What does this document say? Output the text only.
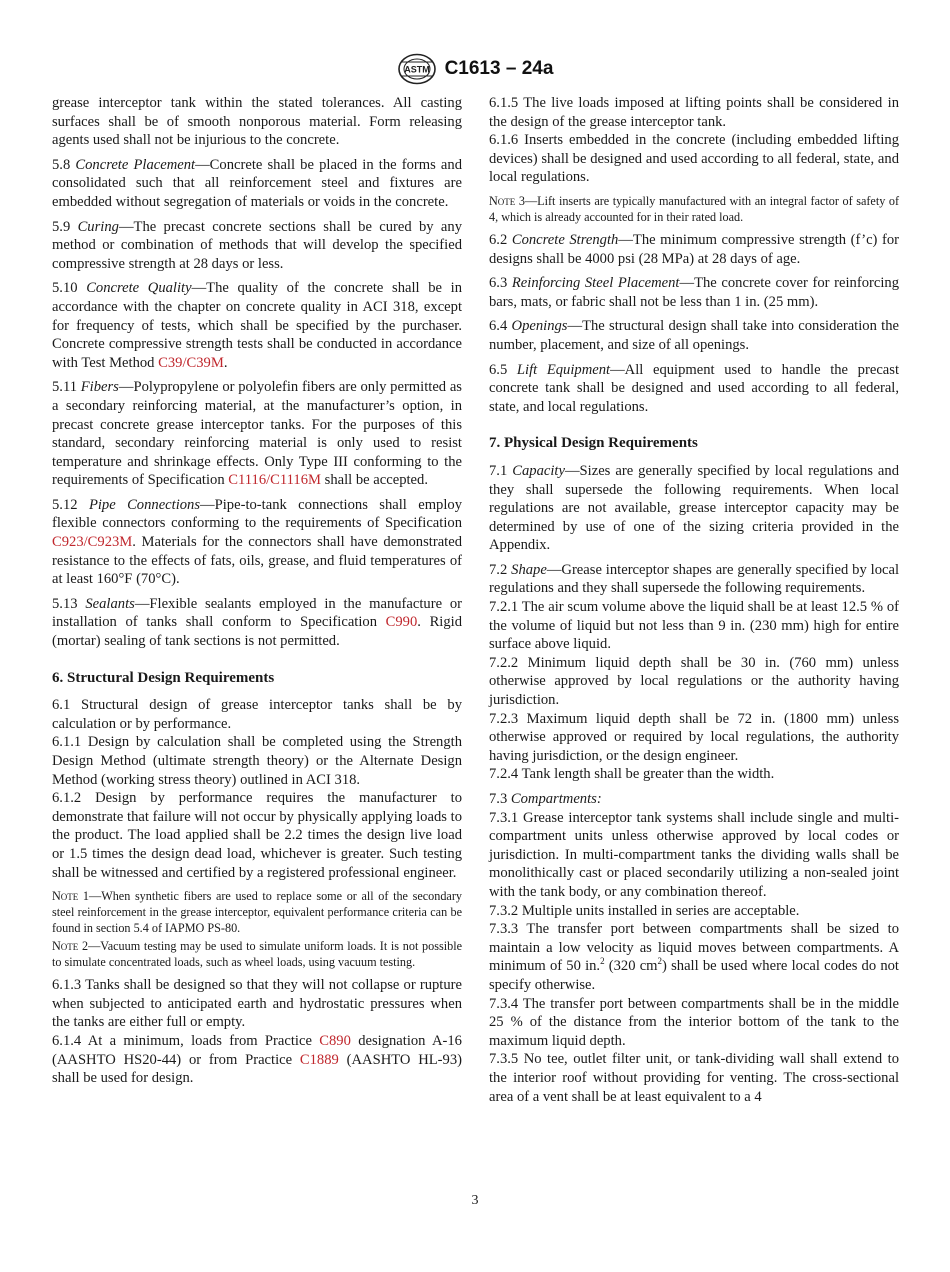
ASTM C1613 – 24a

grease interceptor tank within the stated tolerances. All casting surfaces shall be of smooth nonporous material. Form releasing agents used shall not be injurious to the concrete.

5.8 Concrete Placement—Concrete shall be placed in the forms and consolidated such that all reinforcement steel and fixtures are embedded without segregation of materials or voids in the concrete.

5.9 Curing—The precast concrete sections shall be cured by any method or combination of methods that will develop the specified compressive strength at 28 days or less.

5.10 Concrete Quality—The quality of the concrete shall be in accordance with the chapter on concrete quality in ACI 318, except for frequency of tests, which shall be specified by the purchaser. Concrete compressive strength tests shall be conducted in accordance with Test Method C39/C39M.

5.11 Fibers—Polypropylene or polyolefin fibers are only permitted as a secondary reinforcing material, at the manufacturer’s option, in precast concrete grease interceptor tanks. For the purposes of this standard, secondary reinforcing material is only used to resist temperature and shrinkage effects. Only Type III conforming to the requirements of Specification C1116/C1116M shall be accepted.

5.12 Pipe Connections—Pipe-to-tank connections shall employ flexible connectors conforming to the requirements of Specification C923/C923M. Materials for the connectors shall have demonstrated resistance to the effects of fats, oils, grease, and fluid temperatures of at least 160°F (70°C).

5.13 Sealants—Flexible sealants employed in the manufacture or installation of tanks shall conform to Specification C990. Rigid (mortar) sealing of tank sections is not permitted.

6. Structural Design Requirements

6.1 Structural design of grease interceptor tanks shall be by calculation or by performance.

6.1.1 Design by calculation shall be completed using the Strength Design Method (ultimate strength theory) or the Alternate Design Method (working stress theory) outlined in ACI 318.

6.1.2 Design by performance requires the manufacturer to demonstrate that failure will not occur by physically applying loads to the product. The load applied shall be 2.2 times the design live load or 1.5 times the design dead load, whichever is greater. Such testing shall be witnessed and certified by a registered professional engineer.

Note 1—When synthetic fibers are used to replace some or all of the secondary steel reinforcement in the grease interceptor, equivalent performance criteria can be found in section 5.4 of IAPMO PS-80.

Note 2—Vacuum testing may be used to simulate uniform loads. It is not possible to simulate concentrated loads, such as wheel loads, using vacuum testing.

6.1.3 Tanks shall be designed so that they will not collapse or rupture when subjected to anticipated earth and hydrostatic pressures when the tanks are either full or empty.

6.1.4 At a minimum, loads from Practice C890 designation A-16 (AASHTO HS20-44) or from Practice C1889 (AASHTO HL-93) shall be used for design.

6.1.5 The live loads imposed at lifting points shall be considered in the design of the grease interceptor tank.

6.1.6 Inserts embedded in the concrete (including embedded lifting devices) shall be designed and used according to all federal, state, and local regulations.

Note 3—Lift inserts are typically manufactured with an integral factor of safety of 4, which is already accounted for in their rated load.

6.2 Concrete Strength—The minimum compressive strength (f’c) for designs shall be 4000 psi (28 MPa) at 28 days of age.

6.3 Reinforcing Steel Placement—The concrete cover for reinforcing bars, mats, or fabric shall not be less than 1 in. (25 mm).

6.4 Openings—The structural design shall take into consideration the number, placement, and size of all openings.

6.5 Lift Equipment—All equipment used to handle the precast concrete tank shall be designed and used according to all federal, state, and local regulations.

7. Physical Design Requirements

7.1 Capacity—Sizes are generally specified by local regulations and they shall supersede the following requirements. When local regulations are not available, grease interceptor capacity may be determined by use of one of the sizing criteria provided in the Appendix.

7.2 Shape—Grease interceptor shapes are generally specified by local regulations and they shall supersede the following requirements.

7.2.1 The air scum volume above the liquid shall be at least 12.5 % of the volume of liquid but not less than 9 in. (230 mm) high for entire surface above liquid.

7.2.2 Minimum liquid depth shall be 30 in. (760 mm) unless otherwise approved by local regulations or the authority having jurisdiction.

7.2.3 Maximum liquid depth shall be 72 in. (1800 mm) unless otherwise approved or required by local regulations, the authority having jurisdiction, or the design engineer.

7.2.4 Tank length shall be greater than the width.

7.3 Compartments:

7.3.1 Grease interceptor tank systems shall include single and multi-compartment units unless otherwise approved by local codes or jurisdiction. In multi-compartment tanks the dividing walls shall be monolithically cast or placed secondarily utilizing a non-sealed joint with the tank body, or any combination thereof.

7.3.2 Multiple units installed in series are acceptable.

7.3.3 The transfer port between compartments shall be sized to maintain a low velocity as liquid moves between compartments. A minimum of 50 in.$^2$ (320 $cm^2$) shall be used where local codes do not specify otherwise.

7.3.4 The transfer port between compartments shall be in the middle 25 % of the distance from the interior bottom of the tank to the maximum liquid depth.

7.3.5 No tee, outlet filter unit, or tank-dividing wall shall extend to the interior roof without providing for venting. The cross-sectional area of a vent shall be at least equivalent to a 4

3
